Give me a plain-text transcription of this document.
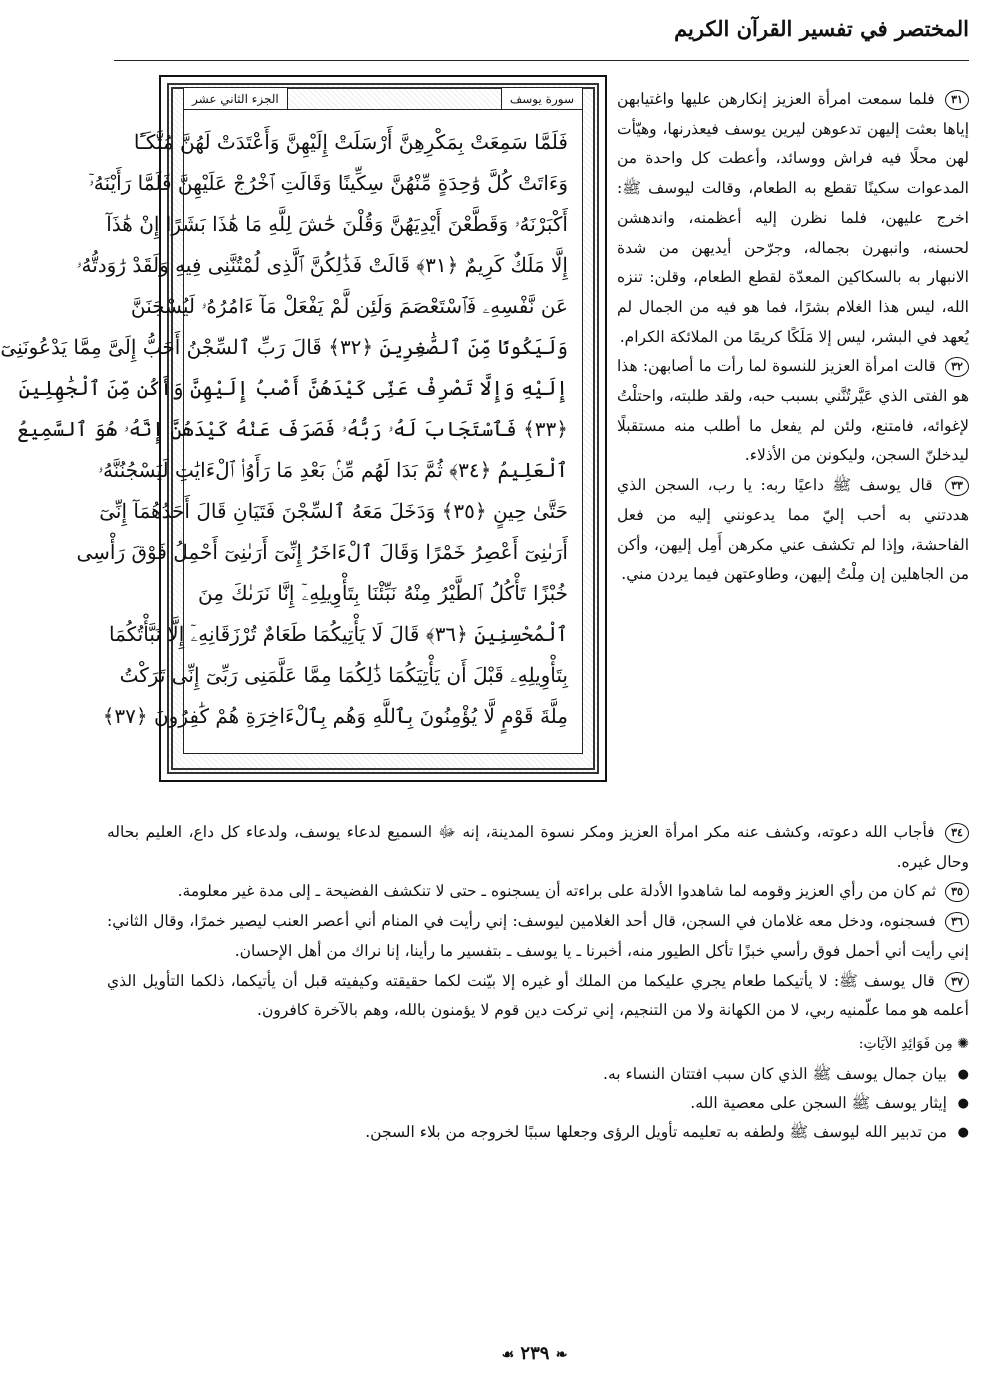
المختصر في تفسير القرآن الكريم
سورة يوسف
الجزء الثاني عشر
فَلَمَّا سَمِعَتْ بِمَكْرِهِنَّ أَرْسَلَتْ إِلَيْهِنَّ وَأَعْتَدَتْ لَهُنَّ مُتَّكَـًٔا
وَءَاتَتْ كُلَّ وَٰحِدَةٍ مِّنْهُنَّ سِكِّينًا وَقَالَتِ ٱخْرُجْ عَلَيْهِنَّ فَلَمَّا رَأَيْنَهُۥٓ
أَكْبَرْنَهُۥ وَقَطَّعْنَ أَيْدِيَهُنَّ وَقُلْنَ حَٰشَ لِلَّهِ مَا هَٰذَا بَشَرًا إِنْ هَٰذَآ
إِلَّا مَلَكٌ كَرِيمٌ ﴿٣١﴾ قَالَتْ فَذَٰلِكُنَّ ٱلَّذِى لُمْتُنَّنِى فِيهِ وَلَقَدْ رَٰوَدتُّهُۥ
عَن نَّفْسِهِۦ فَٱسْتَعْصَمَ وَلَئِن لَّمْ يَفْعَلْ مَآ ءَامُرُهُۥ لَيُسْجَنَنَّ
وَلَيَكُونًا مِّنَ ٱلصَّٰغِرِينَ ﴿٣٢﴾ قَالَ رَبِّ ٱلسِّجْنُ أَحَبُّ إِلَىَّ مِمَّا يَدْعُونَنِىٓ
إِلَيْهِ وَإِلَّا تَصْرِفْ عَنِّى كَيْدَهُنَّ أَصْبُ إِلَيْهِنَّ وَأَكُن مِّنَ ٱلْجَٰهِلِينَ
﴿٣٣﴾ فَٱسْتَجَابَ لَهُۥ رَبُّهُۥ فَصَرَفَ عَنْهُ كَيْدَهُنَّ إِنَّهُۥ هُوَ ٱلسَّمِيعُ
ٱلْعَلِيمُ ﴿٣٤﴾ ثُمَّ بَدَا لَهُم مِّنۢ بَعْدِ مَا رَأَوُا۟ ٱلْءَايَٰتِ لَيَسْجُنُنَّهُۥ
حَتَّىٰ حِينٍ ﴿٣٥﴾ وَدَخَلَ مَعَهُ ٱلسِّجْنَ فَتَيَانِ قَالَ أَحَدُهُمَآ إِنِّىٓ
أَرَىٰنِىٓ أَعْصِرُ خَمْرًا وَقَالَ ٱلْءَاخَرُ إِنِّىٓ أَرَىٰنِىٓ أَحْمِلُ فَوْقَ رَأْسِى
خُبْزًا تَأْكُلُ ٱلطَّيْرُ مِنْهُ نَبِّئْنَا بِتَأْوِيلِهِۦٓ إِنَّا نَرَىٰكَ مِنَ
ٱلْمُحْسِنِينَ ﴿٣٦﴾ قَالَ لَا يَأْتِيكُمَا طَعَامٌ تُرْزَقَانِهِۦٓ إِلَّا نَبَّأْتُكُمَا
بِتَأْوِيلِهِۦ قَبْلَ أَن يَأْتِيَكُمَا ذَٰلِكُمَا مِمَّا عَلَّمَنِى رَبِّىٓ إِنِّى تَرَكْتُ
مِلَّةَ قَوْمٍ لَّا يُؤْمِنُونَ بِٱللَّهِ وَهُم بِٱلْءَاخِرَةِ هُمْ كَٰفِرُونَ ﴿٣٧﴾

٣١ فلما سمعت امرأة العزيز إنكارهن عليها واغتيابهن إياها بعثت إليهن تدعوهن ليرين يوسف فيعذرنها، وهيّأت لهن محلًا فيه فراش ووسائد، وأعطت كل واحدة من المدعوات سكينًا تقطع به الطعام، وقالت ليوسف ﷺ: اخرج عليهن، فلما نظرن إليه أعظمنه، واندهشن لحسنه، وانبهرن بجماله، وجرّحن أيديهن من شدة الانبهار به بالسكاكين المعدّة لقطع الطعام، وقلن: تنزه الله، ليس هذا الغلام بشرًا، فما هو فيه من الجمال لم يُعهد في البشر، ليس إلا مَلَكًا كريمًا من الملائكة الكرام.

٣٢ قالت امرأة العزيز للنسوة لما رأت ما أصابهن: هذا هو الفتى الذي عَيَّرتُنَّني بسبب حبه، ولقد طلبته، واحتلْتُ لإغوائه، فامتنع، ولئن لم يفعل ما أطلب منه مستقبلًا ليدخلنّ السجن، وليكونن من الأذلاء.

٣٣ قال يوسف ﷺ داعيًا ربه: يا رب، السجن الذي هددتني به أحب إليّ مما يدعونني إليه من فعل الفاحشة، وإذا لم تكشف عني مكرهن أَمِل إليهن، وأكن من الجاهلين إن مِلْتُ إليهن، وطاوعتهن فيما يردن مني.

٣٤ فأجاب الله دعوته، وكشف عنه مكر امرأة العزيز ومكر نسوة المدينة، إنه ﷻ السميع لدعاء يوسف، ولدعاء كل داع، العليم بحاله وحال غيره.

٣٥ ثم كان من رأي العزيز وقومه لما شاهدوا الأدلة على براءته أن يسجنوه ـ حتى لا تنكشف الفضيحة ـ إلى مدة غير معلومة.

٣٦ فسجنوه، ودخل معه غلامان في السجن، قال أحد الغلامين ليوسف: إني رأيت في المنام أني أعصر العنب ليصير خمرًا، وقال الثاني: إني رأيت أني أحمل فوق رأسي خبزًا تأكل الطيور منه، أخبرنا ـ يا يوسف ـ بتفسير ما رأينا، إنا نراك من أهل الإحسان.

٣٧ قال يوسف ﷺ: لا يأتيكما طعام يجري عليكما من الملك أو غيره إلا بيّنت لكما حقيقته وكيفيته قبل أن يأتيكما، ذلكما التأويل الذي أعلمه هو مما علّمنيه ربي، لا من الكهانة ولا من التنجيم، إني تركت دين قوم لا يؤمنون بالله، وهم بالآخرة كافرون.

✺ مِن فَوَائِدِ الآيَاتِ:
● بيان جمال يوسف ﷺ الذي كان سبب افتتان النساء به.
● إيثار يوسف ﷺ السجن على معصية الله.
● من تدبير الله ليوسف ﷺ ولطفه به تعليمه تأويل الرؤى وجعلها سببًا لخروجه من بلاء السجن.
❧ ٢٣٩ ☙
